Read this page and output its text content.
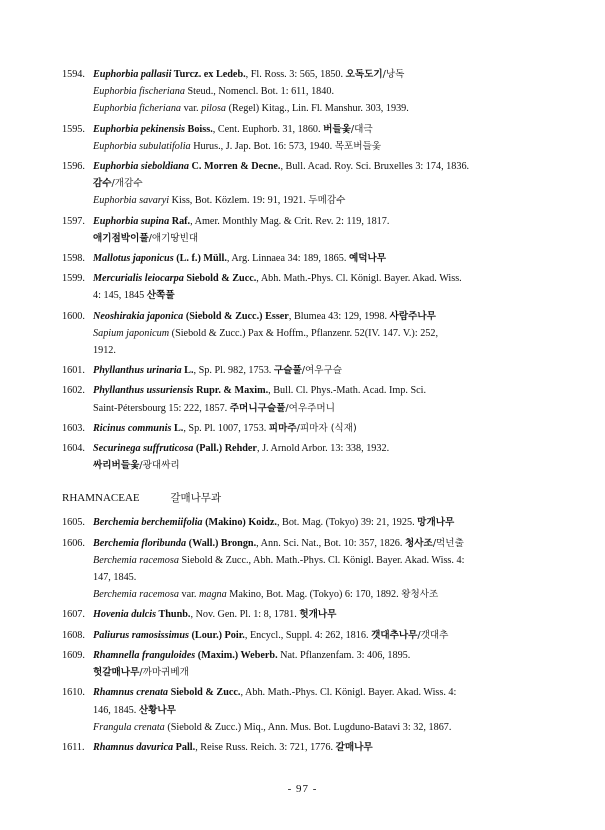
1594. Euphorbia pallasii Turcz. ex Ledeb., Fl. Ross. 3: 565, 1850. 오독도기/낭독
Euphorbia fischeriana Steud., Nomencl. Bot. 1: 611, 1840.
Euphorbia ficheriana var. pilosa (Regel) Kitag., Lin. Fl. Manshur. 303, 1939.
1595. Euphorbia pekinensis Boiss., Cent. Euphorb. 31, 1860. 버들옻/대극
Euphorbia subulatifolia Hurus., J. Jap. Bot. 16: 573, 1940. 목포버들옻
1596. Euphorbia sieboldiana C. Morren & Decne., Bull. Acad. Roy. Sci. Bruxelles 3: 174, 1836.
감수/개감수
Euphorbia savaryi Kiss, Bot. Közlem. 19: 91, 1921. 두메감수
1597. Euphorbia supina Raf., Amer. Monthly Mag. & Crit. Rev. 2: 119, 1817.
애기점박이풀/애기땅빈대
1598. Mallotus japonicus (L. f.) Müll., Arg. Linnaea 34: 189, 1865. 예덕나무
1599. Mercurialis leiocarpa Siebold & Zucc., Abh. Math.-Phys. Cl. Königl. Bayer. Akad. Wiss.
4: 145, 1845 산쪽풀
1600. Neoshirakia japonica (Siebold & Zucc.) Esser, Blumea 43: 129, 1998. 사람주나무
Sapium japonicum (Siebold & Zucc.) Pax & Hoffm., Pflanzenr. 52(IV. 147. V.): 252,
1912.
1601. Phyllanthus urinaria L., Sp. Pl. 982, 1753. 구슬풀/여우구슬
1602. Phyllanthus ussuriensis Rupr. & Maxim., Bull. Cl. Phys.-Math. Acad. Imp. Sci.
Saint-Pétersbourg 15: 222, 1857. 주머니구슬풀/여우주머니
1603. Ricinus communis L., Sp. Pl. 1007, 1753. 피마주/피마자 (식재)
1604. Securinega suffruticosa (Pall.) Rehder, J. Arnold Arbor. 13: 338, 1932.
싸리버들옻/광대싸리
RHAMNACEAE	갈매나무과
1605. Berchemia berchemiifolia (Makino) Koidz., Bot. Mag. (Tokyo) 39: 21, 1925. 망개나무
1606. Berchemia floribunda (Wall.) Brongn., Ann. Sci. Nat., Bot. 10: 357, 1826. 청사조/먹넌출
Berchemia racemosa Siebold & Zucc., Abh. Math.-Phys. Cl. Königl. Bayer. Akad. Wiss. 4:
147, 1845.
Berchemia racemosa var. magna Makino, Bot. Mag. (Tokyo) 6: 170, 1892. 왕청사조
1607. Hovenia dulcis Thunb., Nov. Gen. Pl. 1: 8, 1781. 헛개나무
1608. Paliurus ramosissimus (Lour.) Poir., Encycl., Suppl. 4: 262, 1816. 갯대추나무/갯대추
1609. Rhamnella franguloides (Maxim.) Weberb. Nat. Pflanzenfam. 3: 406, 1895.
헛갈매나무/까마귀베개
1610. Rhamnus crenata Siebold & Zucc., Abh. Math.-Phys. Cl. Königl. Bayer. Akad. Wiss. 4:
146, 1845. 산황나무
Frangula crenata (Siebold & Zucc.) Miq., Ann. Mus. Bot. Lugduno-Batavi 3: 32, 1867.
1611. Rhamnus davurica Pall., Reise Russ. Reich. 3: 721, 1776. 갈매나무
- 97 -
